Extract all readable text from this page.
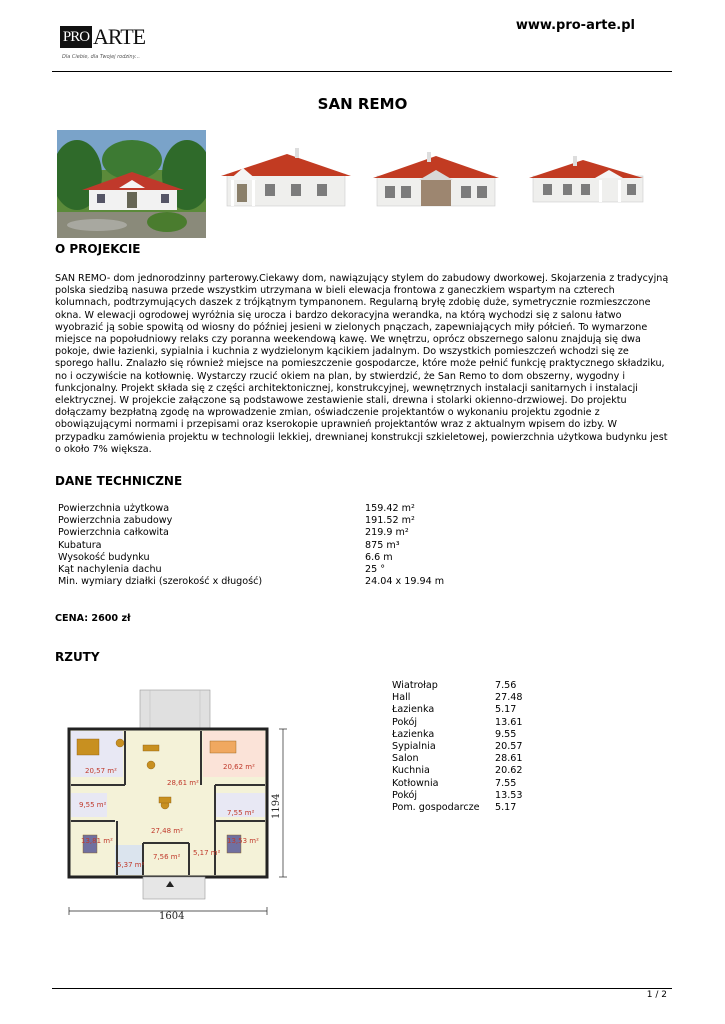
PRO ARTE
Dla Ciebie, dla Twojej rodziny...
www.pro-arte.pl
SAN REMO
O PROJEKCIE

SAN REMO- dom jednorodzinny parterowy.Ciekawy dom, nawiązujący stylem do zabudowy dworkowej. Skojarzenia z tradycyjną polska siedzibą nasuwa przede wszystkim utrzymana w bieli elewacja frontowa z ganeczkiem wspartym na czterech kolumnach, podtrzymujących daszek z trójkątnym tympanonem. Regularną bryłę zdobię duże, symetrycznie rozmieszczone okna. W elewacji ogrodowej wyróżnia się urocza i bardzo dekoracyjna werandka, na którą wychodzi się z salonu łatwo wyobrazić ją sobie spowitą od wiosny do później jesieni w zielonych pnączach, zapewniających miły półcień. To wymarzone miejsce na popołudniowy relaks czy poranna weekendową kawę. We wnętrzu, oprócz obszernego salonu znajdują się dwa pokoje, dwie łazienki, sypialnia i kuchnia z wydzielonym kącikiem jadalnym. Do wszystkich pomieszczeń wchodzi się ze sporego hallu. Znalazło się również miejsce na pomieszczenie gospodarcze, które może pełnić funkcję praktycznego składziku, no i oczywiście na kotłownię. Wystarczy rzucić okiem na plan, by stwierdzić, że San Remo to dom obszerny, wygodny i funkcjonalny. Projekt składa się z części architektonicznej, konstrukcyjnej, wewnętrznych instalacji sanitarnych i instalacji elektrycznej. W projekcie załączone są podstawowe zestawienie stali, drewna i stolarki okienno-drzwiowej. Do projektu dołączamy bezpłatną zgodę na wprowadzenie zmian, oświadczenie projektantów o wykonaniu projektu zgodnie z obowiązującymi normami i przepisami oraz kserokopie uprawnień projektantów wraz z aktualnym wpisem do izby. W przypadku zamówienia projektu w technologii lekkiej, drewnianej konstrukcji szkieletowej, powierzchnia użytkowa budynku jest o około 7% większa.

DANE TECHNICZNE
Powierzchnia użytkowa	159.42 m²
Powierzchnia zabudowy	191.52 m²
Powierzchnia całkowita	219.9 m²
Kubatura	875 m³
Wysokość budynku	6.6 m
Kąt nachylenia dachu	25 °
Min. wymiary działki (szerokość x długość)	24.04 x 19.94 m
CENA: 2600 zł
RZUTY
20,57 m²
28,61 m²
20,62 m²
9,55 m²
7,55 m²
27,48 m²
13,81 m²	13,53 m²
5,37 m²
7,56 m² 5,17 m²
1604
1194
Wiatrołap	7.56
Hall	27.48
Łazienka	5.17
Pokój	13.61
Łazienka	9.55
Sypialnia	20.57
Salon	28.61
Kuchnia	20.62
Kotłownia	7.55
Pokój	13.53
Pom. gospodarcze 5.17
1 / 2
